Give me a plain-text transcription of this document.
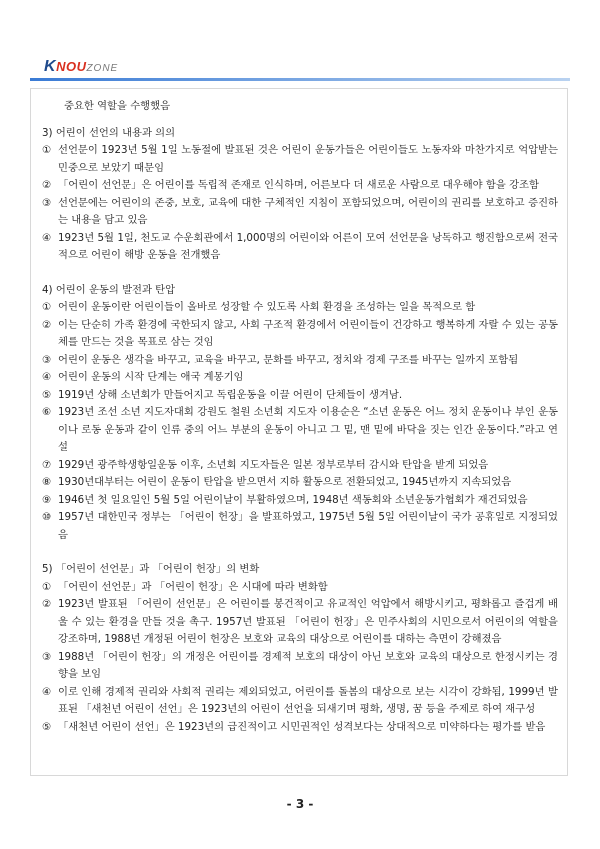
KNOUZONE
중요한 역할을 수행했음
3) 어린이 선언의 내용과 의의
① 선언문이 1923년 5월 1일 노동절에 발표된 것은 어린이 운동가들은 어린이들도 노동자와 마찬가지로 억압받는 민중으로 보았기 때문임
② 「어린이 선언문」은 어린이를 독립적 존재로 인식하며, 어른보다 더 새로운 사람으로 대우해야 함을 강조함
③ 선언문에는 어린이의 존중, 보호, 교육에 대한 구체적인 지침이 포함되었으며, 어린이의 권리를 보호하고 증진하는 내용을 담고 있음
④ 1923년 5월 1일, 천도교 수운회관에서 1,000명의 어린이와 어른이 모여 선언문을 낭독하고 행진함으로써 전국적으로 어린이 해방 운동을 전개했음
4) 어린이 운동의 발전과 탄압
① 어린이 운동이란 어린이들이 올바로 성장할 수 있도록 사회 환경을 조성하는 일을 목적으로 함
② 이는 단순히 가족 환경에 국한되지 않고, 사회 구조적 환경에서 어린이들이 건강하고 행복하게 자랄 수 있는 공동체를 만드는 것을 목표로 삼는 것임
③ 어린이 운동은 생각을 바꾸고, 교육을 바꾸고, 문화를 바꾸고, 정치와 경제 구조를 바꾸는 일까지 포함됨
④ 어린이 운동의 시작 단계는 애국 계몽기임
⑤ 1919년 상해 소년회가 만들어지고 독립운동을 이끌 어린이 단체들이 생겨남.
⑥ 1923년 조선 소년 지도자대회 강원도 철원 소년회 지도자 이용순은 “소년 운동은 어느 정치 운동이나 부인 운동이나 로동 운동과 같이 인류 중의 어느 부분의 운동이 아니고 그 밑, 맨 밑에 바닥을 짓는 인간 운동이다.”라고 연설
⑦ 1929년 광주학생항일운동 이후, 소년회 지도자들은 일본 정부로부터 감시와 탄압을 받게 되었음
⑧ 1930년대부터는 어린이 운동이 탄압을 받으면서 지하 활동으로 전환되었고, 1945년까지 지속되었음
⑨ 1946년 첫 일요일인 5월 5일 어린이날이 부활하였으며, 1948년 색동회와 소년운동가협회가 재건되었음
⑩ 1957년 대한민국 정부는 「어린이 헌장」을 발표하였고, 1975년 5월 5일 어린이날이 국가 공휴일로 지정되었음
5) 「어린이 선언문」과 「어린이 헌장」의 변화
① 「어린이 선언문」과 「어린이 헌장」은 시대에 따라 변화함
② 1923년 발표된 「어린이 선언문」은 어린이를 봉건적이고 유교적인 억압에서 해방시키고, 평화롭고 즐겁게 배울 수 있는 환경을 만들 것을 촉구. 1957년 발표된 「어린이 헌장」은 민주사회의 시민으로서 어린이의 역할을 강조하며, 1988년 개정된 어린이 헌장은 보호와 교육의 대상으로 어린이를 대하는 측면이 강해졌음
③ 1988년 「어린이 헌장」의 개정은 어린이를 경제적 보호의 대상이 아닌 보호와 교육의 대상으로 한정시키는 경향을 보임
④ 이로 인해 경제적 권리와 사회적 권리는 제외되었고, 어린이를 돌봄의 대상으로 보는 시각이 강화됨, 1999년 발표된 「새천년 어린이 선언」은 1923년의 어린이 선언을 되새기며 평화, 생명, 꿈 등을 주제로 하여 재구성
⑤ 「새천년 어린이 선언」은 1923년의 급진적이고 시민권적인 성격보다는 상대적으로 미약하다는 평가를 받음
- 3 -
